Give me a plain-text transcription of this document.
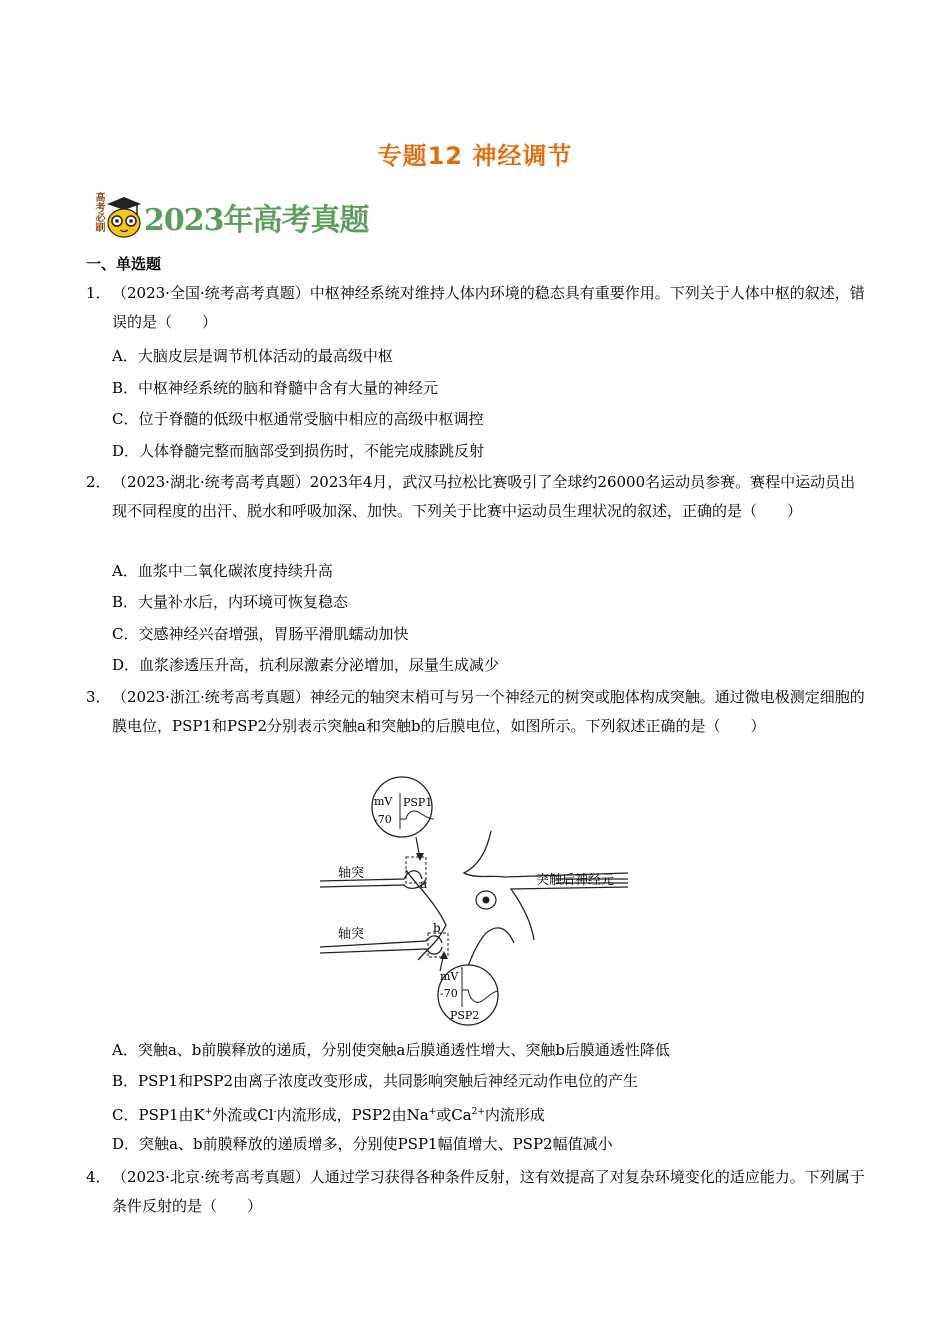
专题12 神经调节
高考必刷 2023年高考真题
一、单选题
1． （2023·全国·统考高考真题）中枢神经系统对维持人体内环境的稳态具有重要作用。下列关于人体中枢的叙述，错误的是（　　）
A．大脑皮层是调节机体活动的最高级中枢
B．中枢神经系统的脑和脊髓中含有大量的神经元
C．位于脊髓的低级中枢通常受脑中相应的高级中枢调控
D．人体脊髓完整而脑部受到损伤时，不能完成膝跳反射
2． （2023·湖北·统考高考真题）2023年4月，武汉马拉松比赛吸引了全球约26000名运动员参赛。赛程中运动员出现不同程度的出汗、脱水和呼吸加深、加快。下列关于比赛中运动员生理状况的叙述，正确的是（　　）
A．血浆中二氧化碳浓度持续升高
B．大量补水后，内环境可恢复稳态
C．交感神经兴奋增强，胃肠平滑肌蠕动加快
D．血浆渗透压升高，抗利尿激素分泌增加，尿量生成减少
3． （2023·浙江·统考高考真题）神经元的轴突末梢可与另一个神经元的树突或胞体构成突触。通过微电极测定细胞的膜电位，PSP1和PSP2分别表示突触a和突触b的后膜电位，如图所示。下列叙述正确的是（　　）
mV
-70
PSP1
mV
-70
PSP2
轴突
轴突
a
b
突触后神经元
A．突触a、b前膜释放的递质，分别使突触a后膜通透性增大、突触b后膜通透性降低
B．PSP1和PSP2由离子浓度改变形成，共同影响突触后神经元动作电位的产生
C．PSP1由K+外流或Cl-内流形成，PSP2由Na+或$Ca^{2+}$内流形成
D．突触a、b前膜释放的递质增多，分别使PSP1幅值增大、PSP2幅值减小
4． （2023·北京·统考高考真题）人通过学习获得各种条件反射，这有效提高了对复杂环境变化的适应能力。下列属于条件反射的是（　　）
